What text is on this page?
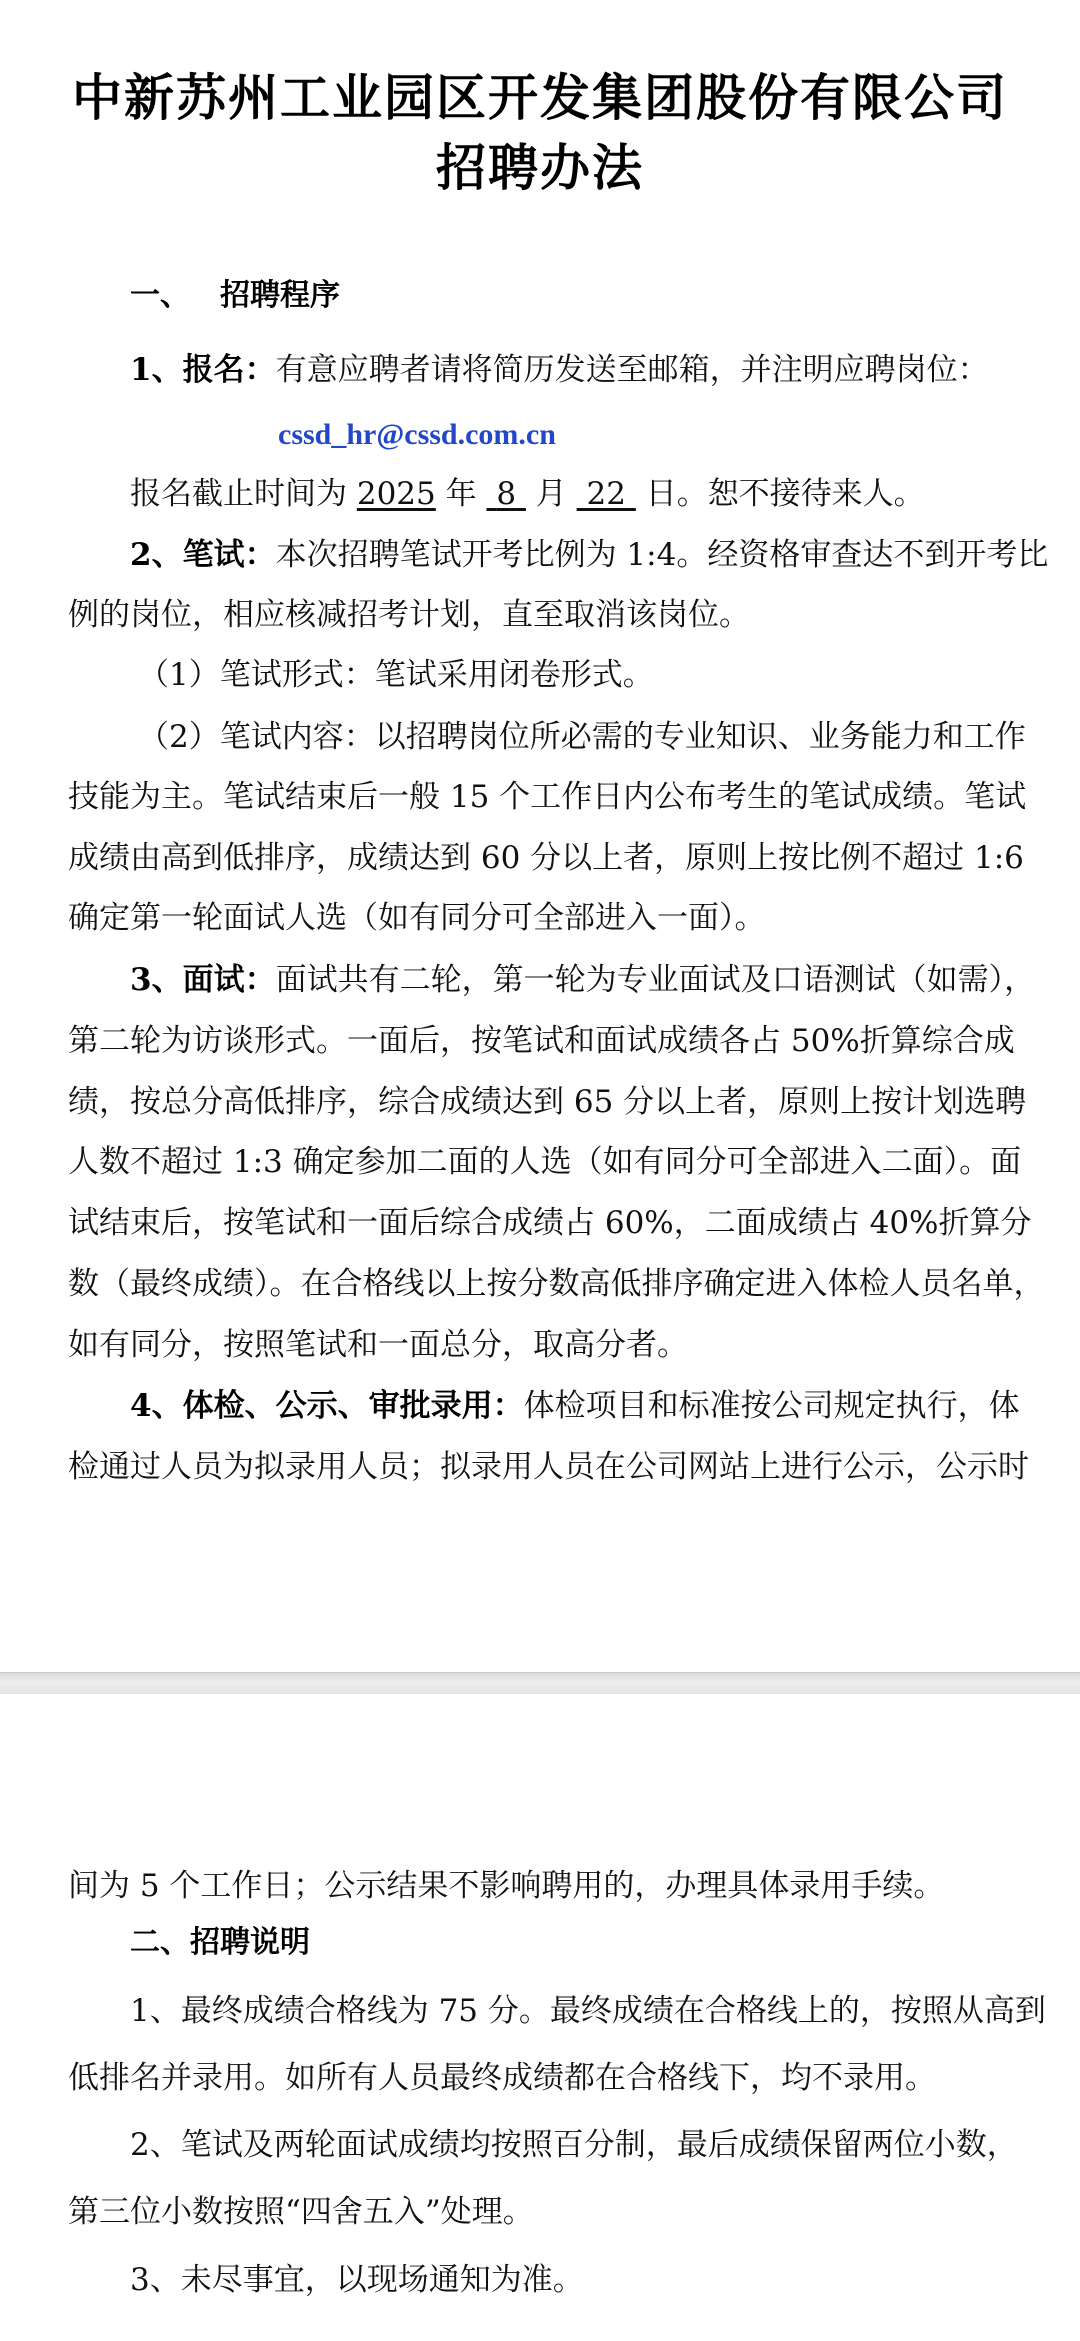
中新苏州工业园区开发集团股份有限公司
招聘办法

一、 招聘程序

1、报名：有意应聘者请将简历发送至邮箱，并注明应聘岗位：

cssd_hr@cssd.com.cn

报名截止时间为 2025 年 8 月 22 日。恕不接待来人。

2、笔试：本次招聘笔试开考比例为 1:4。经资格审查达不到开考比

例的岗位，相应核减招考计划，直至取消该岗位。

（1）笔试形式：笔试采用闭卷形式。

（2）笔试内容：以招聘岗位所必需的专业知识、业务能力和工作

技能为主。笔试结束后一般 15 个工作日内公布考生的笔试成绩。笔试

成绩由高到低排序，成绩达到 60 分以上者，原则上按比例不超过 1:6

确定第一轮面试人选（如有同分可全部进入一面）。

3、面试：面试共有二轮，第一轮为专业面试及口语测试（如需），

第二轮为访谈形式。一面后，按笔试和面试成绩各占 50%折算综合成

绩，按总分高低排序，综合成绩达到 65 分以上者，原则上按计划选聘

人数不超过 1:3 确定参加二面的人选（如有同分可全部进入二面）。面

试结束后，按笔试和一面后综合成绩占 60%，二面成绩占 40%折算分

数（最终成绩）。在合格线以上按分数高低排序确定进入体检人员名单，

如有同分，按照笔试和一面总分，取高分者。

4、体检、公示、审批录用：体检项目和标准按公司规定执行，体

检通过人员为拟录用人员；拟录用人员在公司网站上进行公示，公示时

间为 5 个工作日；公示结果不影响聘用的，办理具体录用手续。

二、招聘说明

1、最终成绩合格线为 75 分。最终成绩在合格线上的，按照从高到

低排名并录用。如所有人员最终成绩都在合格线下，均不录用。

2、笔试及两轮面试成绩均按照百分制，最后成绩保留两位小数，

第三位小数按照“四舍五入”处理。

3、未尽事宜，以现场通知为准。
